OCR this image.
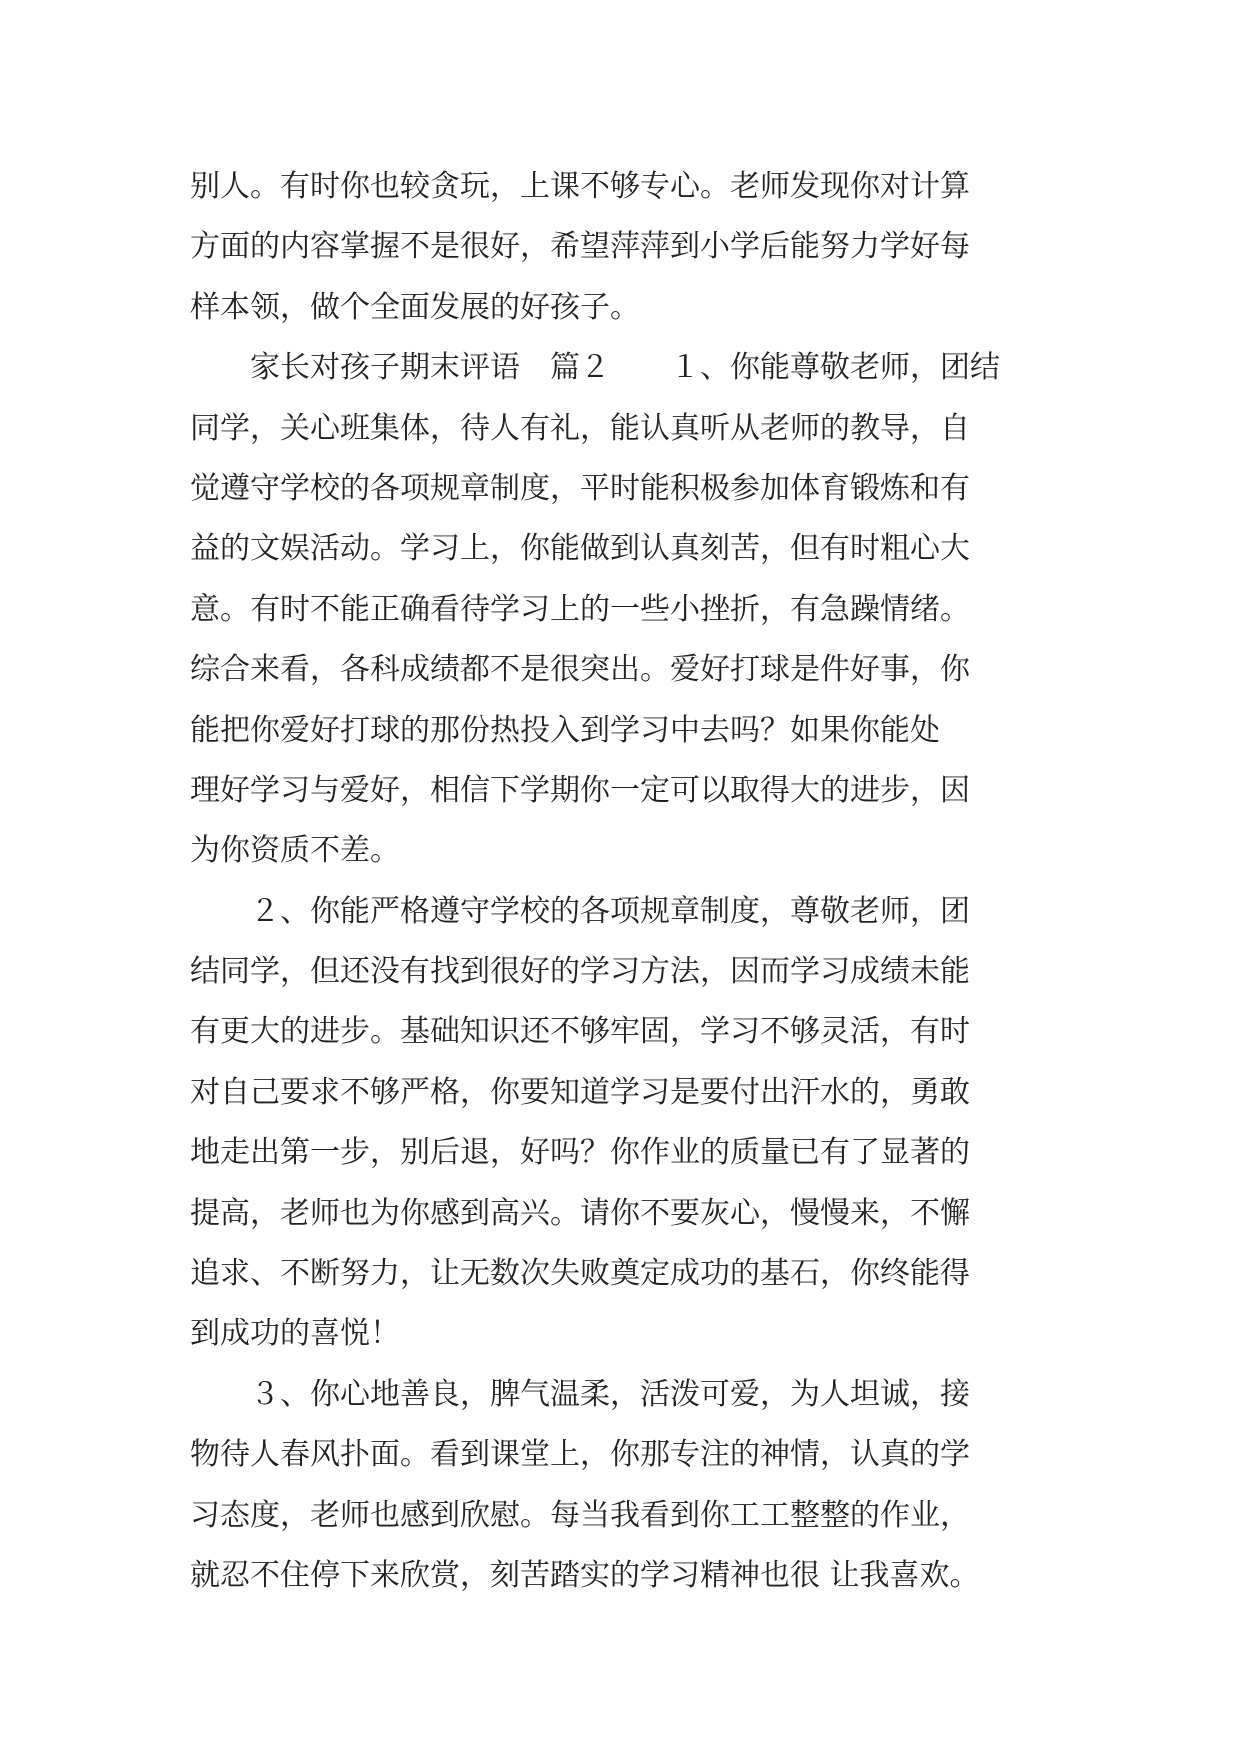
别人。有时你也较贪玩，上课不够专心。老师发现你对计算
方面的内容掌握不是很好，希望萍萍到小学后能努力学好每
样本领，做个全面发展的好孩子。
　　家长对孩子期末评语　篇２　　１、你能尊敬老师，团结
同学，关心班集体，待人有礼，能认真听从老师的教导，自
觉遵守学校的各项规章制度，平时能积极参加体育锻炼和有
益的文娱活动。学习上，你能做到认真刻苦，但有时粗心大
意。有时不能正确看待学习上的一些小挫折，有急躁情绪。
综合来看，各科成绩都不是很突出。爱好打球是件好事，你
能把你爱好打球的那份热投入到学习中去吗？如果你能处
理好学习与爱好，相信下学期你一定可以取得大的进步，因
为你资质不差。
　　２、你能严格遵守学校的各项规章制度，尊敬老师，团
结同学，但还没有找到很好的学习方法，因而学习成绩未能
有更大的进步。基础知识还不够牢固，学习不够灵活，有时
对自己要求不够严格，你要知道学习是要付出汗水的，勇敢
地走出第一步，别后退，好吗？你作业的质量已有了显著的
提高，老师也为你感到高兴。请你不要灰心，慢慢来，不懈
追求、不断努力，让无数次失败奠定成功的基石，你终能得
到成功的喜悦！
　　３、你心地善良，脾气温柔，活泼可爱，为人坦诚，接
物待人春风扑面。看到课堂上，你那专注的神情，认真的学
习态度，老师也感到欣慰。每当我看到你工工整整的作业，
就忍不住停下来欣赏，刻苦踏实的学习精神也很 让我喜欢。
